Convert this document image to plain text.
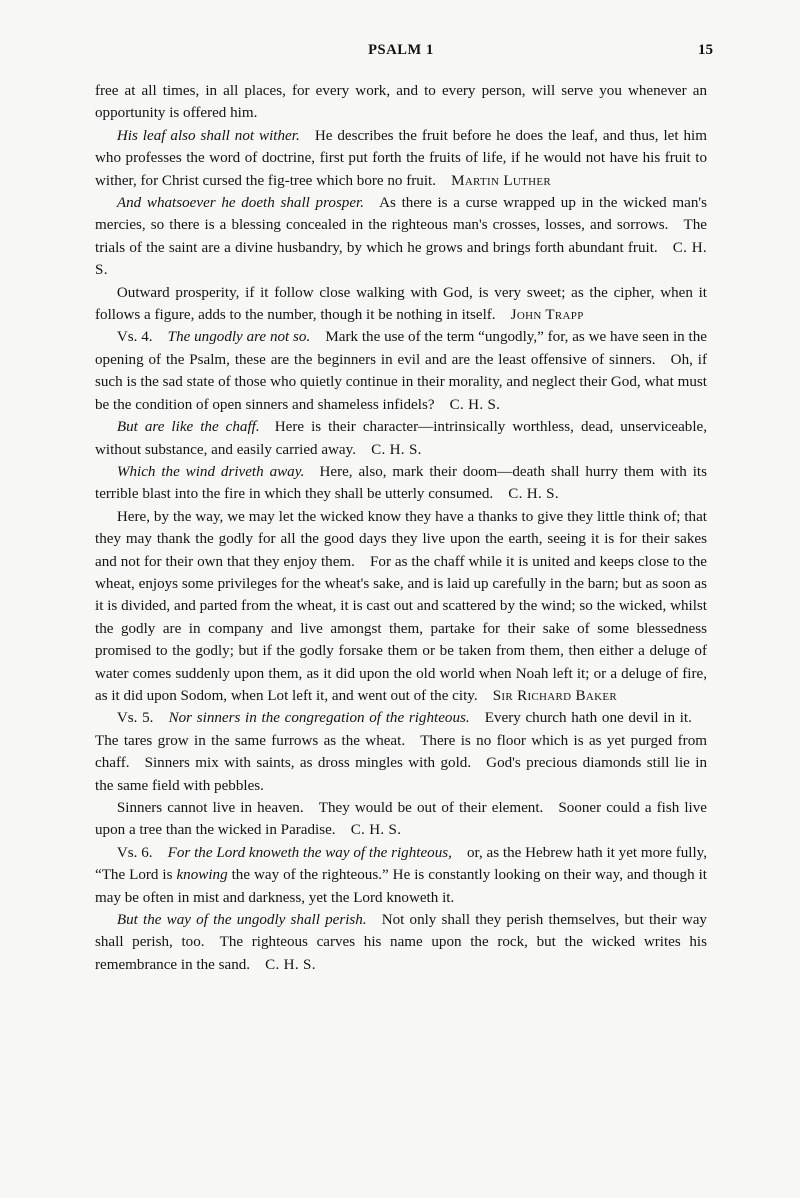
PSALM 1	15

free at all times, in all places, for every work, and to every person, will serve you whenever an opportunity is offered him.

His leaf also shall not wither.   He describes the fruit before he does the leaf, and thus, let him who professes the word of doctrine, first put forth the fruits of life, if he would not have his fruit to wither, for Christ cursed the fig-tree which bore no fruit.   Martin Luther

And whatsoever he doeth shall prosper.   As there is a curse wrapped up in the wicked man's mercies, so there is a blessing concealed in the righteous man's crosses, losses, and sorrows.  The trials of the saint are a divine husbandry, by which he grows and brings forth abundant fruit.   C. H. S.

Outward prosperity, if it follow close walking with God, is very sweet; as the cipher, when it follows a figure, adds to the number, though it be nothing in itself.   John Trapp

Vs. 4.   The ungodly are not so.   Mark the use of the term “ungodly,” for, as we have seen in the opening of the Psalm, these are the beginners in evil and are the least offensive of sinners.  Oh, if such is the sad state of those who quietly continue in their morality, and neglect their God, what must be the condition of open sinners and shameless infidels?   C. H. S.

But are like the chaff.   Here is their character—intrinsically worthless, dead, unserviceable, without substance, and easily carried away.   C. H. S.

Which the wind driveth away.   Here, also, mark their doom—death shall hurry them with its terrible blast into the fire in which they shall be utterly consumed.   C. H. S.

Here, by the way, we may let the wicked know they have a thanks to give they little think of; that they may thank the godly for all the good days they live upon the earth, seeing it is for their sakes and not for their own that they enjoy them.  For as the chaff while it is united and keeps close to the wheat, enjoys some privileges for the wheat's sake, and is laid up carefully in the barn; but as soon as it is divided, and parted from the wheat, it is cast out and scattered by the wind; so the wicked, whilst the godly are in company and live amongst them, partake for their sake of some blessedness promised to the godly; but if the godly forsake them or be taken from them, then either a deluge of water comes suddenly upon them, as it did upon the old world when Noah left it; or a deluge of fire, as it did upon Sodom, when Lot left it, and went out of the city.   Sir Richard Baker

Vs. 5.   Nor sinners in the congregation of the righteous.   Every church hath one devil in it.  The tares grow in the same furrows as the wheat.  There is no floor which is as yet purged from chaff.  Sinners mix with saints, as dross mingles with gold.  God's precious diamonds still lie in the same field with pebbles.

Sinners cannot live in heaven.  They would be out of their element.  Sooner could a fish live upon a tree than the wicked in Paradise.   C. H. S.

Vs. 6.   For the Lord knoweth the way of the righteous,   or, as the Hebrew hath it yet more fully, “The Lord is knowing the way of the righteous.” He is constantly looking on their way, and though it may be often in mist and darkness, yet the Lord knoweth it.

But the way of the ungodly shall perish.   Not only shall they perish themselves, but their way shall perish, too.  The righteous carves his name upon the rock, but the wicked writes his remembrance in the sand.   C. H. S.
